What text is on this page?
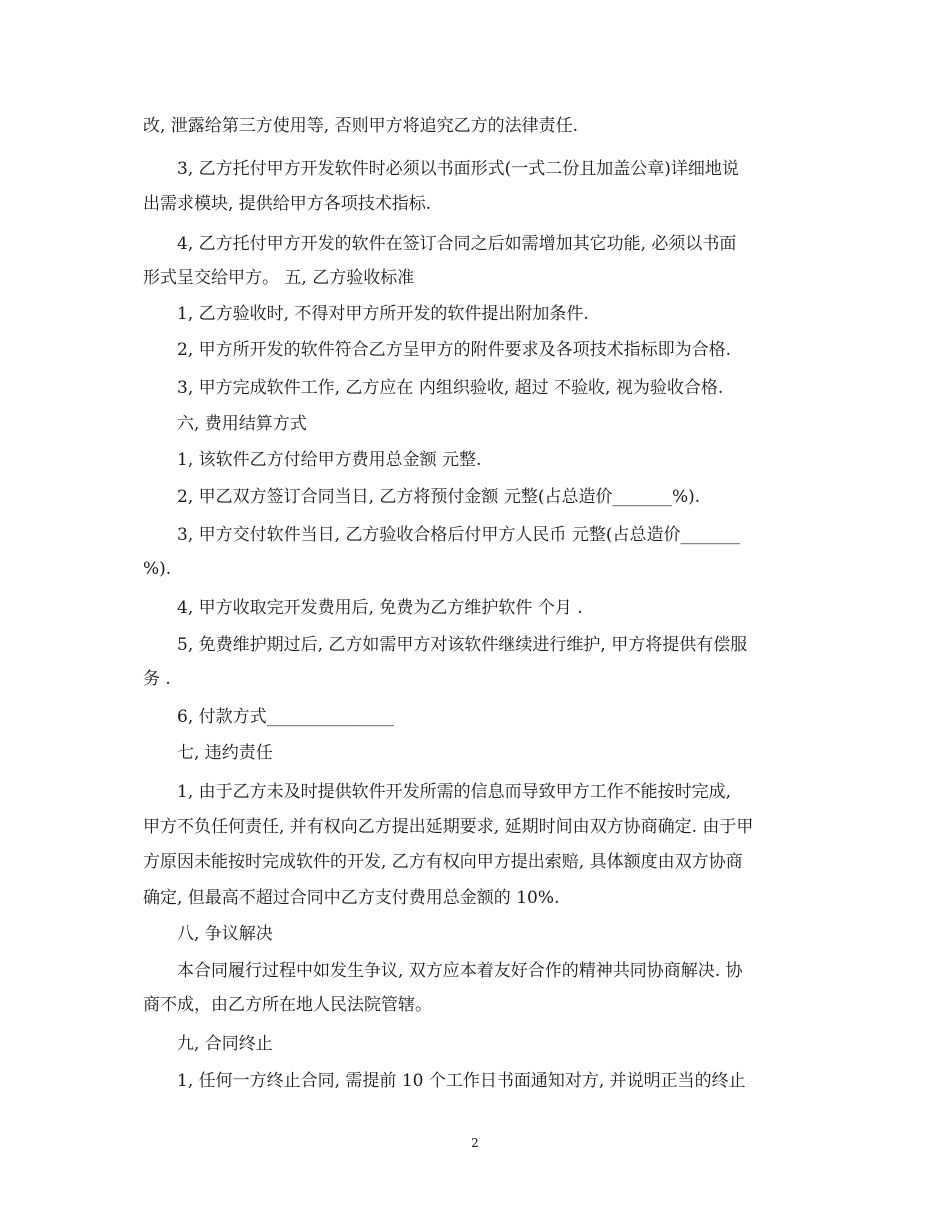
改, 泄露给第三方使用等, 否则甲方将追究乙方的法律责任.
3, 乙方托付甲方开发软件时必须以书面形式(一式二份且加盖公章)详细地说
出需求模块, 提供给甲方各项技术指标.
4, 乙方托付甲方开发的软件在签订合同之后如需增加其它功能, 必须以书面
形式呈交给甲方。 五, 乙方验收标准
1, 乙方验收时, 不得对甲方所开发的软件提出附加条件.
2, 甲方所开发的软件符合乙方呈甲方的附件要求及各项技术指标即为合格.
3, 甲方完成软件工作, 乙方应在 内组织验收, 超过 不验收, 视为验收合格.
六, 费用结算方式
1, 该软件乙方付给甲方费用总金额 元整.
2, 甲乙双方签订合同当日, 乙方将预付金额 元整(占总造价_______%).
3, 甲方交付软件当日, 乙方验收合格后付甲方人民币 元整(占总造价_______
%).
4, 甲方收取完开发费用后, 免费为乙方维护软件 个月 .
5, 免费维护期过后, 乙方如需甲方对该软件继续进行维护, 甲方将提供有偿服
务 .
6, 付款方式_______________
七, 违约责任
1, 由于乙方未及时提供软件开发所需的信息而导致甲方工作不能按时完成,
甲方不负任何责任, 并有权向乙方提出延期要求, 延期时间由双方协商确定. 由于甲
方原因未能按时完成软件的开发, 乙方有权向甲方提出索赔, 具体额度由双方协商
确定, 但最高不超过合同中乙方支付费用总金额的 10%.
八, 争议解决
本合同履行过程中如发生争议, 双方应本着友好合作的精神共同协商解决. 协
商不成，由乙方所在地人民法院管辖。
九, 合同终止
1, 任何一方终止合同, 需提前 10 个工作日书面通知对方, 并说明正当的终止
2
